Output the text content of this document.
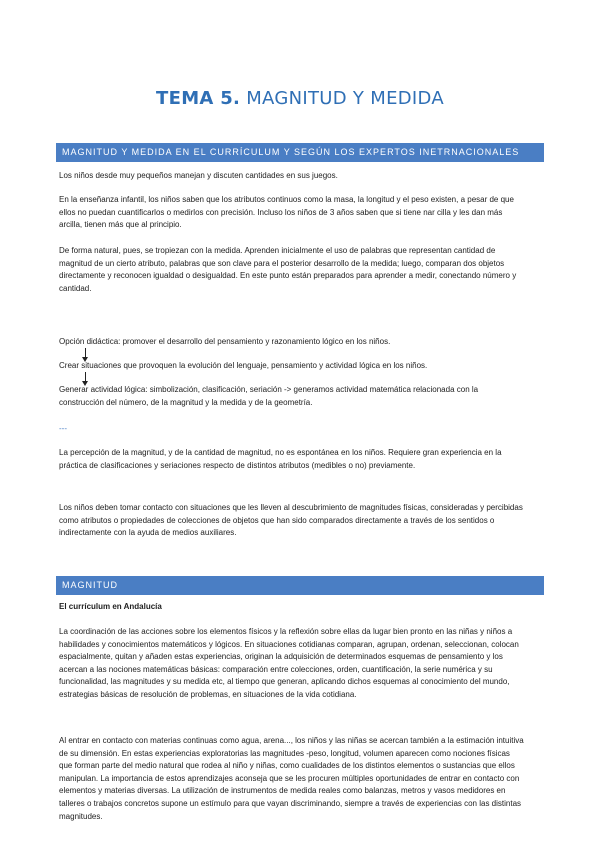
TEMA 5. MAGNITUD Y MEDIDA
MAGNITUD Y MEDIDA EN EL CURRÍCULUM Y SEGÚN LOS EXPERTOS INETRNACIONALES
Los niños desde muy pequeños manejan y discuten cantidades en sus juegos.
En la enseñanza infantil, los niños saben que los atributos continuos como la masa, la longitud y el peso existen, a pesar de que ellos no puedan cuantificarlos o medirlos con precisión. Incluso los niños de 3 años saben que si tiene nar cilla y les dan más arcilla, tienen más que al principio.
De forma natural, pues, se tropiezan con la medida. Aprenden inicialmente el uso de palabras que representan cantidad de magnitud de un cierto atributo, palabras que son clave para el posterior desarrollo de la medida; luego, comparan dos objetos directamente y reconocen igualdad o desigualdad. En este punto están preparados para aprender a medir, conectando número y cantidad.
Opción didáctica: promover el desarrollo del pensamiento y razonamiento lógico en los niños.
Crear situaciones que provoquen la evolución del lenguaje, pensamiento y actividad lógica en los niños.
Generar actividad lógica: simbolización, clasificación, seriación -> generamos actividad matemática relacionada con la construcción del número, de la magnitud y la medida y de la geometría.
---
La percepción de la magnitud, y de la cantidad de magnitud, no es espontánea en los niños. Requiere gran experiencia en la práctica de clasificaciones y seriaciones respecto de distintos atributos (medibles o no) previamente.
Los niños deben tomar contacto con situaciones que les lleven al descubrimiento de magnitudes físicas, consideradas y percibidas como atributos o propiedades de colecciones de objetos que han sido comparados directamente a través de los sentidos o indirectamente con la ayuda de medios auxiliares.
MAGNITUD
El currículum en Andalucía
La coordinación de las acciones sobre los elementos físicos y la reflexión sobre ellas da lugar bien pronto en las niñas y niños a habilidades y conocimientos matemáticos y lógicos. En situaciones cotidianas comparan, agrupan, ordenan, seleccionan, colocan espacialmente, quitan y añaden estas experiencias, originan la adquisición de determinados esquemas de pensamiento y los acercan a las nociones matemáticas básicas: comparación entre colecciones, orden, cuantificación, la serie numérica y su funcionalidad, las magnitudes y su medida etc, al tiempo que generan, aplicando dichos esquemas al conocimiento del mundo, estrategias básicas de resolución de problemas, en situaciones de la vida cotidiana.
Al entrar en contacto con materias continuas como agua, arena..., los niños y las niñas se acercan también a la estimación intuitiva de su dimensión. En estas experiencias exploratorias las magnitudes -peso, longitud, volumen aparecen como nociones físicas que forman parte del medio natural que rodea al niño y niñas, como cualidades de los distintos elementos o sustancias que ellos manipulan. La importancia de estos aprendizajes aconseja que se les procuren múltiples oportunidades de entrar en contacto con elementos y materias diversas. La utilización de instrumentos de medida reales como balanzas, metros y vasos medidores en talleres o trabajos concretos supone un estímulo para que vayan discriminando, siempre a través de experiencias con las distintas magnitudes.
